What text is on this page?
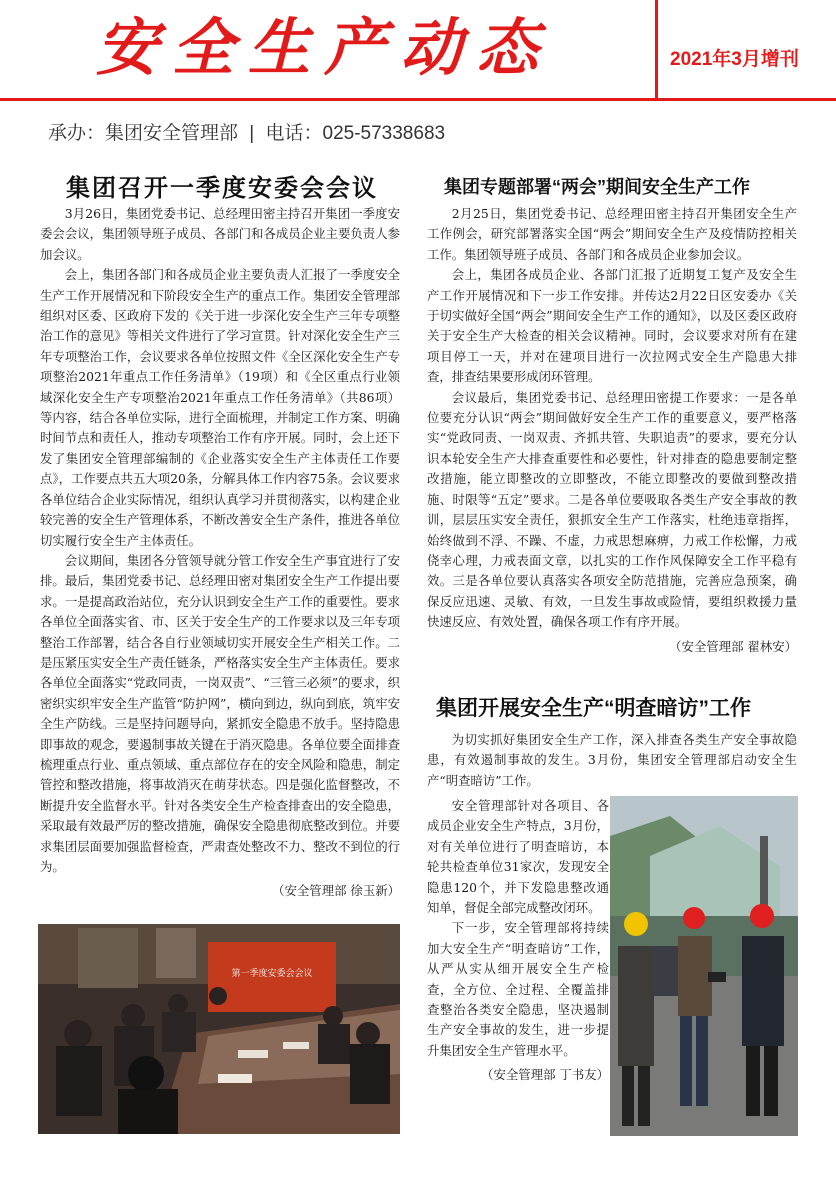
安全生产动态	2021年3月增刊
承办：集团安全管理部 | 电话：025-57338683
集团召开一季度安委会会议

3月26日，集团党委书记、总经理田密主持召开集团一季度安委会会议，集团领导班子成员、各部门和各成员企业主要负责人参加会议。

会上，集团各部门和各成员企业主要负责人汇报了一季度安全生产工作开展情况和下阶段安全生产的重点工作。集团安全管理部组织对区委、区政府下发的《关于进一步深化安全生产三年专项整治工作的意见》等相关文件进行了学习宣贯。针对深化安全生产三年专项整治工作，会议要求各单位按照文件《全区深化安全生产专项整治2021年重点工作任务清单》（19项）和《全区重点行业领域深化安全生产专项整治2021年重点工作任务清单》（共86项）等内容，结合各单位实际，进行全面梳理，并制定工作方案、明确时间节点和责任人，推动专项整治工作有序开展。同时，会上还下发了集团安全管理部编制的《企业落实安全生产主体责任工作要点》，工作要点共五大项20条，分解具体工作内容75条。会议要求各单位结合企业实际情况，组织认真学习并贯彻落实，以构建企业较完善的安全生产管理体系，不断改善安全生产条件，推进各单位切实履行安全生产主体责任。

会议期间，集团各分管领导就分管工作安全生产事宜进行了安排。最后，集团党委书记、总经理田密对集团安全生产工作提出要求。一是提高政治站位，充分认识到安全生产工作的重要性。要求各单位全面落实省、市、区关于安全生产的工作要求以及三年专项整治工作部署，结合各自行业领域切实开展安全生产相关工作。二是压紧压实安全生产责任链条，严格落实安全生产主体责任。要求各单位全面落实“党政同责，一岗双责”、“三管三必须”的要求，织密织实织牢安全生产监管“防护网”，横向到边，纵向到底，筑牢安全生产防线。三是坚持问题导向，紧抓安全隐患不放手。坚持隐患即事故的观念，要遏制事故关键在于消灭隐患。各单位要全面排查梳理重点行业、重点领域、重点部位存在的安全风险和隐患，制定管控和整改措施，将事故消灭在萌芽状态。四是强化监督整改，不断提升安全监督水平。针对各类安全生产检查排查出的安全隐患，采取最有效最严厉的整改措施，确保安全隐患彻底整改到位。并要求集团层面要加强监督检查，严肃查处整改不力、整改不到位的行为。

（安全管理部 徐玉新）

第一季度安委会会议
集团专题部署“两会”期间安全生产工作

2月25日，集团党委书记、总经理田密主持召开集团安全生产工作例会，研究部署落实全国“两会”期间安全生产及疫情防控相关工作。集团领导班子成员、各部门和各成员企业参加会议。

会上，集团各成员企业、各部门汇报了近期复工复产及安全生产工作开展情况和下一步工作安排。并传达2月22日区安委办《关于切实做好全国“两会”期间安全生产工作的通知》，以及区委区政府关于安全生产大检查的相关会议精神。同时，会议要求对所有在建项目停工一天，并对在建项目进行一次拉网式安全生产隐患大排查，排查结果要形成闭环管理。

会议最后，集团党委书记、总经理田密提工作要求：一是各单位要充分认识“两会”期间做好安全生产工作的重要意义，要严格落实“党政同责、一岗双责、齐抓共管、失职追责”的要求，要充分认识本轮安全生产大排查重要性和必要性，针对排查的隐患要制定整改措施，能立即整改的立即整改，不能立即整改的要做到整改措施、时限等“五定”要求。二是各单位要吸取各类生产安全事故的教训，层层压实安全责任，狠抓安全生产工作落实，杜绝违章指挥，始终做到不浮、不躁、不虚，力戒思想麻痹，力戒工作松懈，力戒侥幸心理，力戒表面文章，以扎实的工作作风保障安全工作平稳有效。三是各单位要认真落实各项安全防范措施，完善应急预案，确保反应迅速、灵敏、有效，一旦发生事故或险情，要组织救援力量快速反应、有效处置，确保各项工作有序开展。

（安全管理部 翟林安）

集团开展安全生产“明查暗访”工作

为切实抓好集团安全生产工作，深入排查各类生产安全事故隐患，有效遏制事故的发生。3月份，集团安全管理部启动安全生产“明查暗访”工作。

安全管理部针对各项目、各成员企业安全生产特点，3月份，对有关单位进行了明查暗访，本轮共检查单位31家次，发现安全隐患120个，并下发隐患整改通知单，督促全部完成整改闭环。

下一步，安全管理部将持续加大安全生产“明查暗访”工作，从严从实从细开展安全生产检查，全方位、全过程、全覆盖排查整治各类安全隐患，坚决遏制生产安全事故的发生，进一步提升集团安全生产管理水平。

（安全管理部 丁书友）
